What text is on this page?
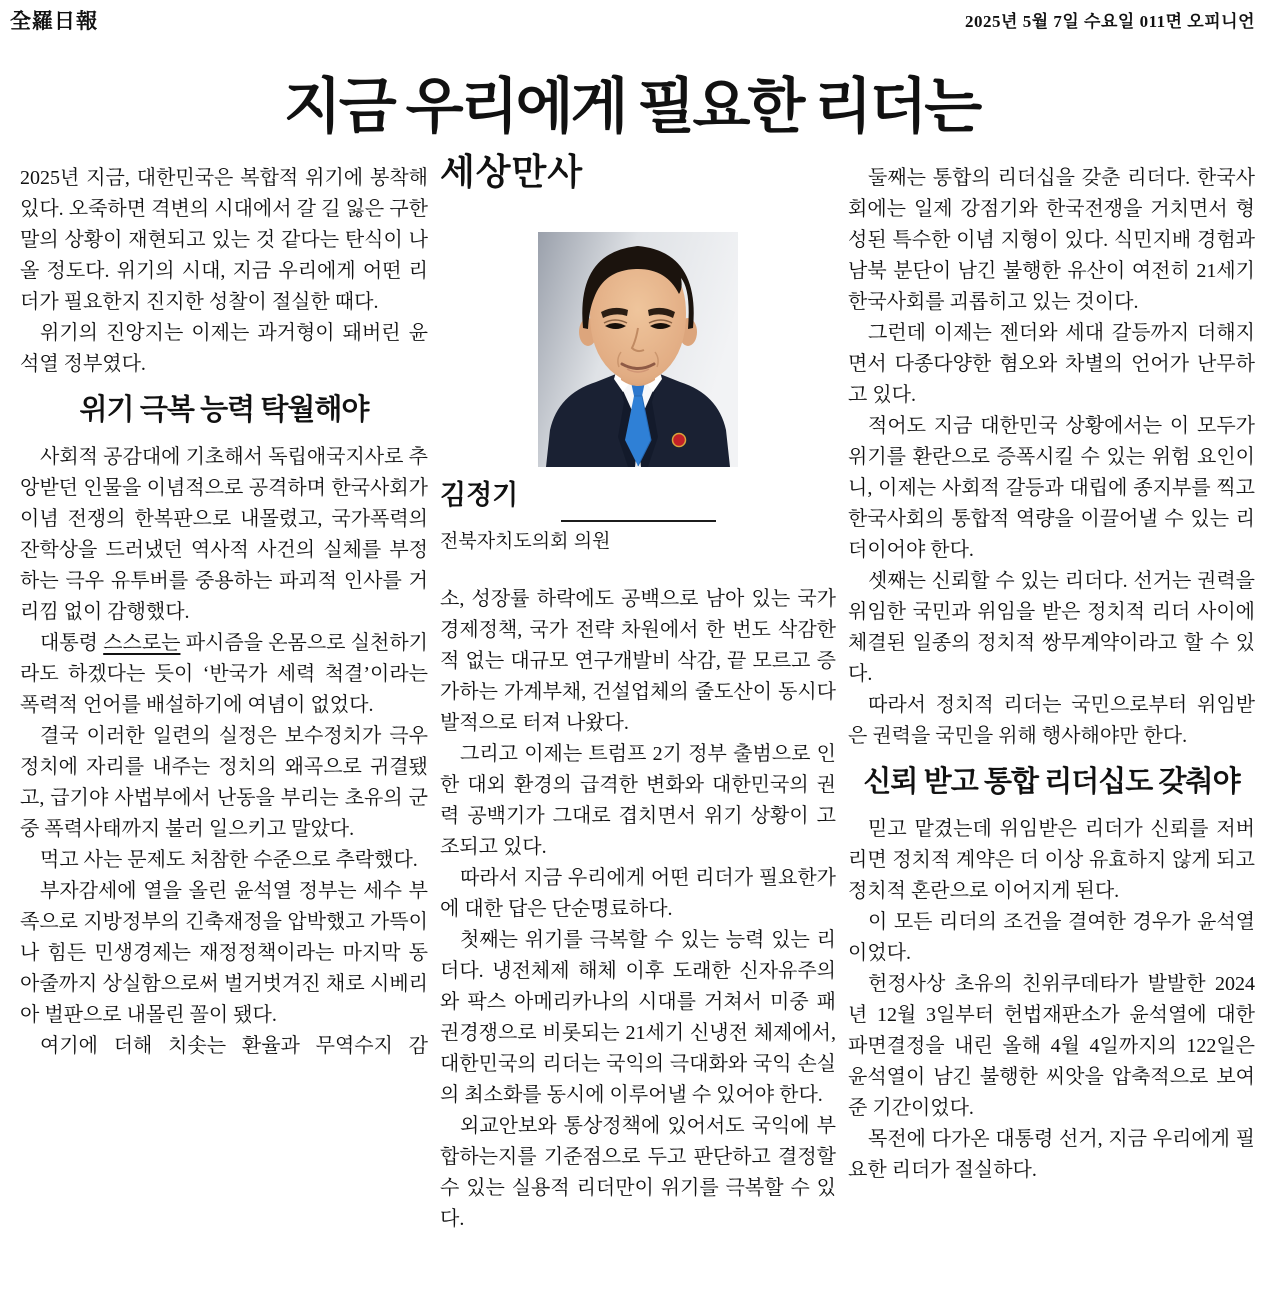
全羅日報	2025년 5월 7일 수요일 011면 오피니언
지금 우리에게 필요한 리더는

2025년 지금, 대한민국은 복합적 위기에 봉착해 있다. 오죽하면 격변의 시대에서 갈 길 잃은 구한말의 상황이 재현되고 있는 것 같다는 탄식이 나올 정도다. 위기의 시대, 지금 우리에게 어떤 리더가 필요한지 진지한 성찰이 절실한 때다.

위기의 진앙지는 이제는 과거형이 돼버린 윤석열 정부였다.

위기 극복 능력 탁월해야

사회적 공감대에 기초해서 독립애국지사로 추앙받던 인물을 이념적으로 공격하며 한국사회가 이념 전쟁의 한복판으로 내몰렸고, 국가폭력의 잔학상을 드러냈던 역사적 사건의 실체를 부정하는 극우 유투버를 중용하는 파괴적 인사를 거리낌 없이 감행했다.

대통령 스스로는 파시즘을 온몸으로 실천하기라도 하겠다는 듯이 ‘반국가 세력 척결’이라는 폭력적 언어를 배설하기에 여념이 없었다.

결국 이러한 일련의 실정은 보수정치가 극우정치에 자리를 내주는 정치의 왜곡으로 귀결됐고, 급기야 사법부에서 난동을 부리는 초유의 군중 폭력사태까지 불러 일으키고 말았다.

먹고 사는 문제도 처참한 수준으로 추락했다.

부자감세에 열을 올린 윤석열 정부는 세수 부족으로 지방정부의 긴축재정을 압박했고 가뜩이나 힘든 민생경제는 재정정책이라는 마지막 동아줄까지 상실함으로써 벌거벗겨진 채로 시베리아 벌판으로 내몰린 꼴이 됐다.

여기에 더해 치솟는 환율과 무역수지 감

세상만사

김정기

전북자치도의회 의원

소, 성장률 하락에도 공백으로 남아 있는 국가경제정책, 국가 전략 차원에서 한 번도 삭감한 적 없는 대규모 연구개발비 삭감, 끝 모르고 증가하는 가계부채, 건설업체의 줄도산이 동시다발적으로 터져 나왔다.

그리고 이제는 트럼프 2기 정부 출범으로 인한 대외 환경의 급격한 변화와 대한민국의 권력 공백기가 그대로 겹치면서 위기 상황이 고조되고 있다.

따라서 지금 우리에게 어떤 리더가 필요한가에 대한 답은 단순명료하다.

첫째는 위기를 극복할 수 있는 능력 있는 리더다. 냉전체제 해체 이후 도래한 신자유주의와 팍스 아메리카나의 시대를 거쳐서 미중 패권경쟁으로 비롯되는 21세기 신냉전 체제에서, 대한민국의 리더는 국익의 극대화와 국익 손실의 최소화를 동시에 이루어낼 수 있어야 한다.

외교안보와 통상정책에 있어서도 국익에 부합하는지를 기준점으로 두고 판단하고 결정할 수 있는 실용적 리더만이 위기를 극복할 수 있다.

둘째는 통합의 리더십을 갖춘 리더다. 한국사회에는 일제 강점기와 한국전쟁을 거치면서 형성된 특수한 이념 지형이 있다. 식민지배 경험과 남북 분단이 남긴 불행한 유산이 여전히 21세기 한국사회를 괴롭히고 있는 것이다.

그런데 이제는 젠더와 세대 갈등까지 더해지면서 다종다양한 혐오와 차별의 언어가 난무하고 있다.

적어도 지금 대한민국 상황에서는 이 모두가 위기를 환란으로 증폭시킬 수 있는 위험 요인이니, 이제는 사회적 갈등과 대립에 종지부를 찍고 한국사회의 통합적 역량을 이끌어낼 수 있는 리더이어야 한다.

셋째는 신뢰할 수 있는 리더다. 선거는 권력을 위임한 국민과 위임을 받은 정치적 리더 사이에 체결된 일종의 정치적 쌍무계약이라고 할 수 있다.

따라서 정치적 리더는 국민으로부터 위임받은 권력을 국민을 위해 행사해야만 한다.

신뢰 받고 통합 리더십도 갖춰야

믿고 맡겼는데 위임받은 리더가 신뢰를 저버리면 정치적 계약은 더 이상 유효하지 않게 되고 정치적 혼란으로 이어지게 된다.

이 모든 리더의 조건을 결여한 경우가 윤석열이었다.

헌정사상 초유의 친위쿠데타가 발발한 2024년 12월 3일부터 헌법재판소가 윤석열에 대한 파면결정을 내린 올해 4월 4일까지의 122일은 윤석열이 남긴 불행한 씨앗을 압축적으로 보여준 기간이었다.

목전에 다가온 대통령 선거, 지금 우리에게 필요한 리더가 절실하다.
